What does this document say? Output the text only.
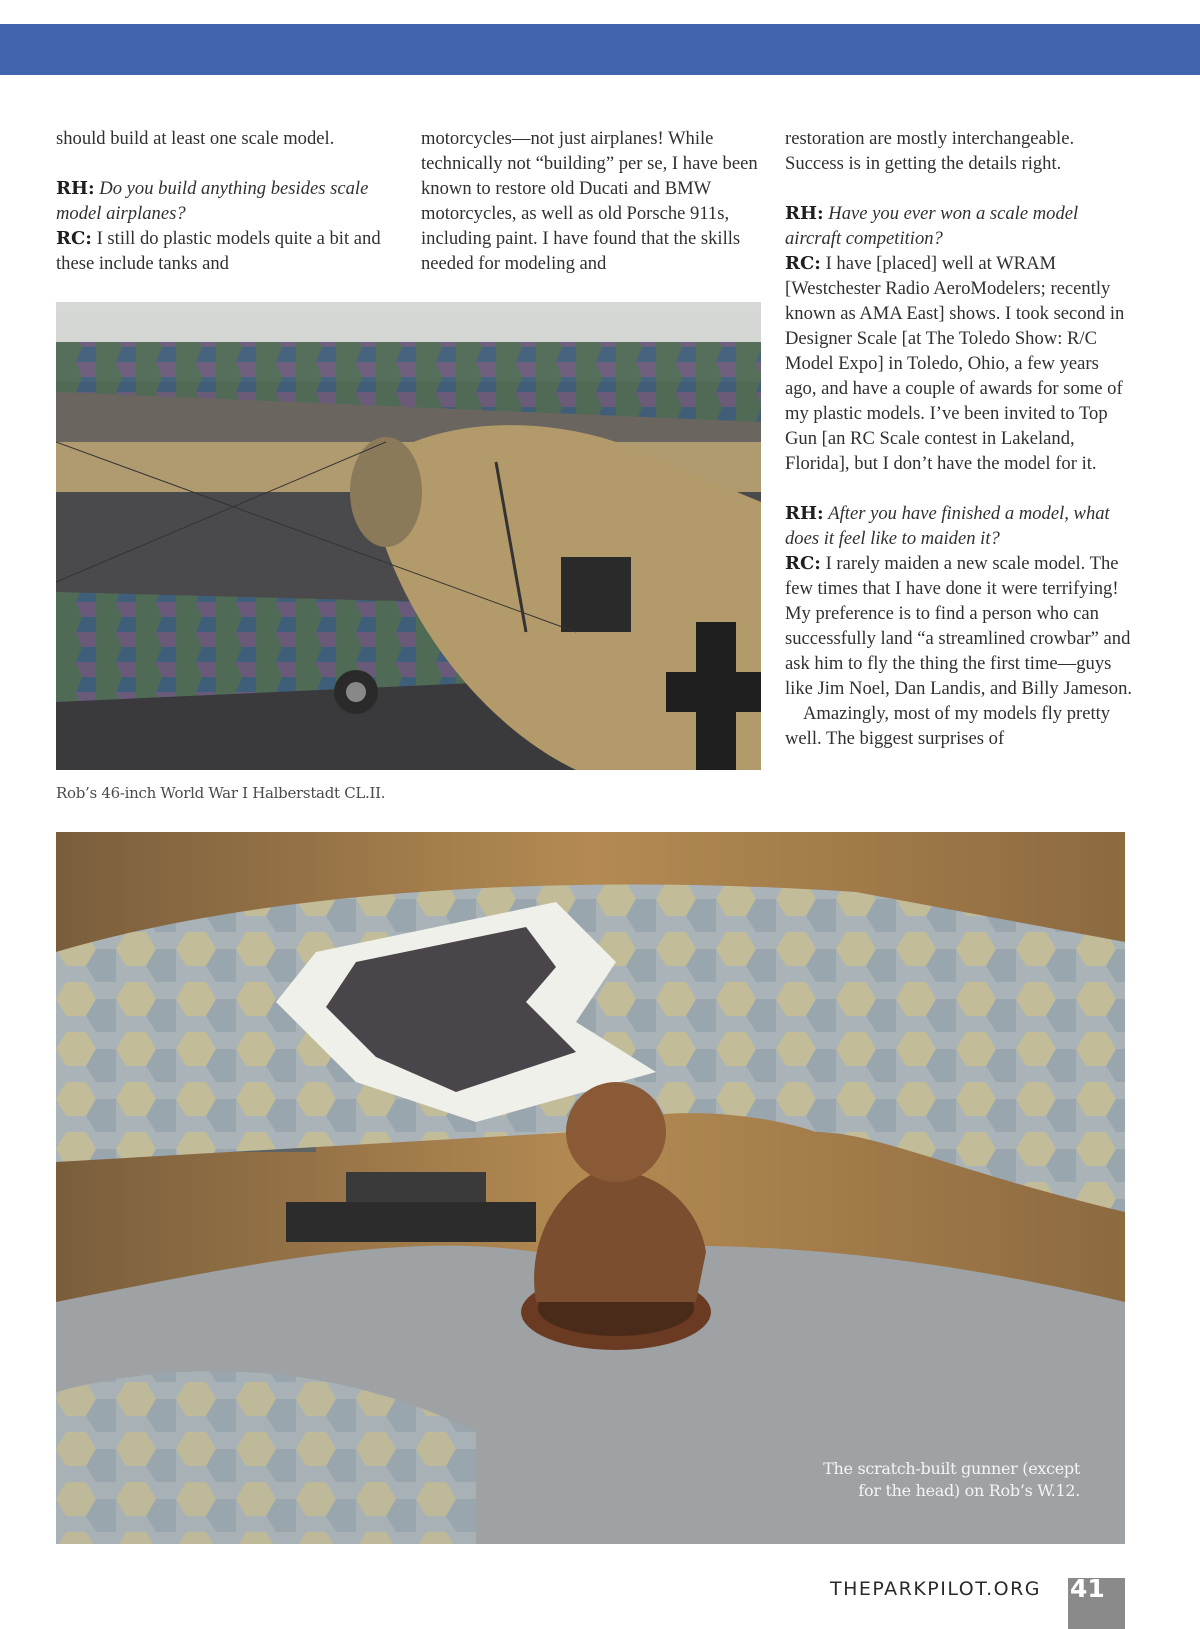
should build at least one scale model.

RH: Do you build anything besides scale model airplanes?

RC: I still do plastic models quite a bit and these include tanks and

motorcycles—not just airplanes! While technically not “building” per se, I have been known to restore old Ducati and BMW motorcycles, as well as old Porsche 911s, including paint. I have found that the skills needed for modeling and

restoration are mostly interchangeable. Success is in getting the details right.

RH: Have you ever won a scale model aircraft competition?

RC: I have [placed] well at WRAM [Westchester Radio AeroModelers; recently known as AMA East] shows. I took second in Designer Scale [at The Toledo Show: R/C Model Expo] in Toledo, Ohio, a few years ago, and have a couple of awards for some of my plastic models. I’ve been invited to Top Gun [an RC Scale contest in Lakeland, Florida], but I don’t have the model for it.

RH: After you have finished a model, what does it feel like to maiden it?

RC: I rarely maiden a new scale model. The few times that I have done it were terrifying! My preference is to find a person who can successfully land “a streamlined crowbar” and ask him to fly the thing the first time—guys like Jim Noel, Dan Landis, and Billy Jameson.

Amazingly, most of my models fly pretty well. The biggest surprises of

Rob’s 46-inch World War I Halberstadt CL.II.
The scratch-built gunner (except
for the head) on Rob’s W.12.
THEPARKPILOT.ORG 41
